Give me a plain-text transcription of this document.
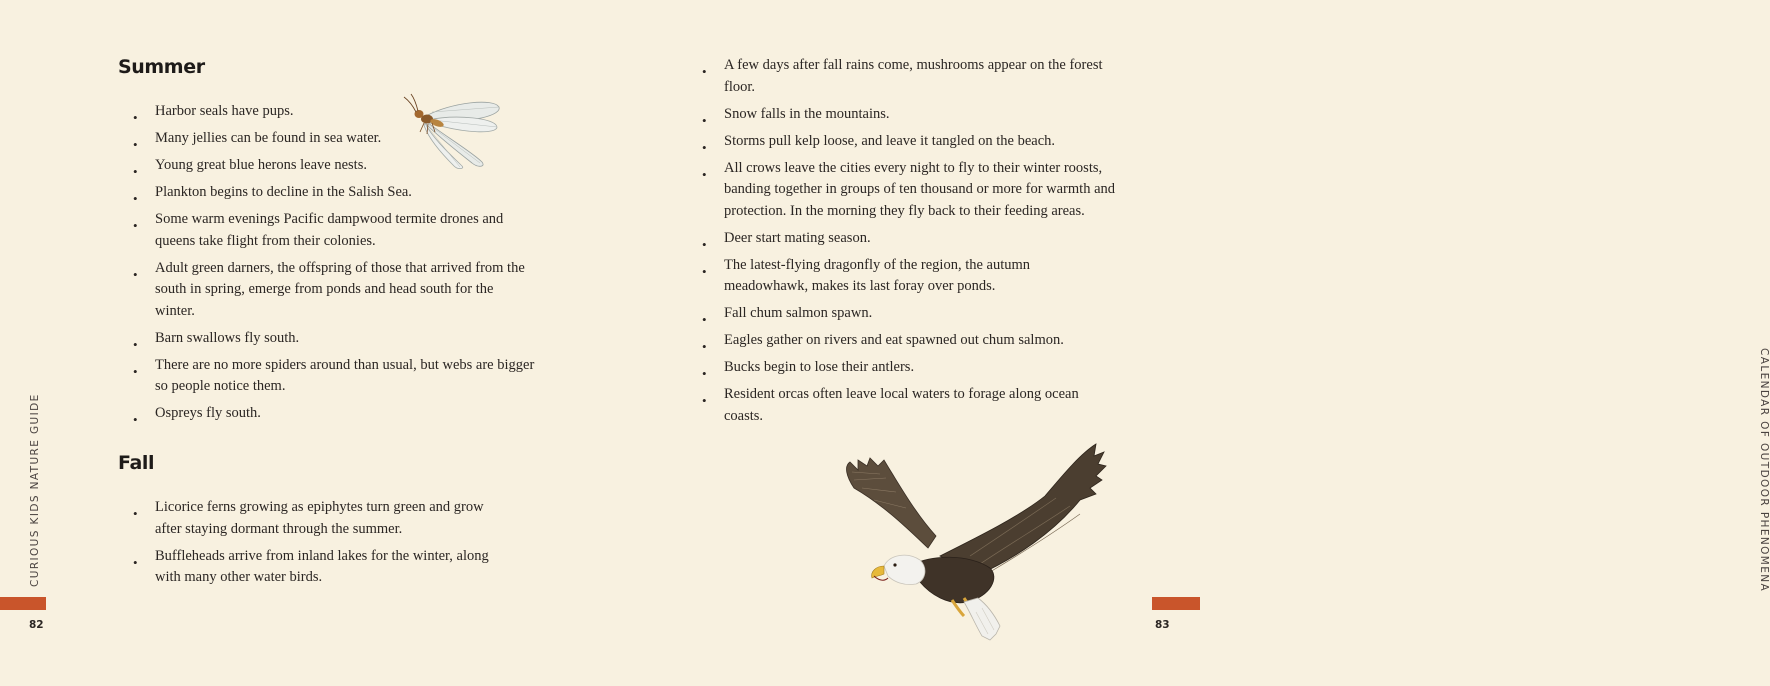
Summer
• Harbor seals have pups.
• Many jellies can be found in sea water.
• Young great blue herons leave nests.
• Plankton begins to decline in the Salish Sea.
• Some warm evenings Pacific dampwood termite drones and queens take flight from their colonies.
• Adult green darners, the offspring of those that arrived from the south in spring, emerge from ponds and head south for the winter.
• Barn swallows fly south.
• There are no more spiders around than usual, but webs are bigger so people notice them.
• Ospreys fly south.
Fall
• Licorice ferns growing as epiphytes turn green and grow after staying dormant through the summer.
• Buffleheads arrive from inland lakes for the winter, along with many other water birds.
CURIOUS KIDS NATURE GUIDE
82
• A few days after fall rains come, mushrooms appear on the forest floor.
• Snow falls in the mountains.
• Storms pull kelp loose, and leave it tangled on the beach.
• All crows leave the cities every night to fly to their winter roosts, banding together in groups of ten thousand or more for warmth and protection. In the morning they fly back to their feeding areas.
• Deer start mating season.
• The latest-flying dragonfly of the region, the autumn meadowhawk, makes its last foray over ponds.
• Fall chum salmon spawn.
• Eagles gather on rivers and eat spawned out chum salmon.
• Bucks begin to lose their antlers.
• Resident orcas often leave local waters to forage along ocean coasts.	CALENDAR OF OUTDOOR PHENOMENA
83
